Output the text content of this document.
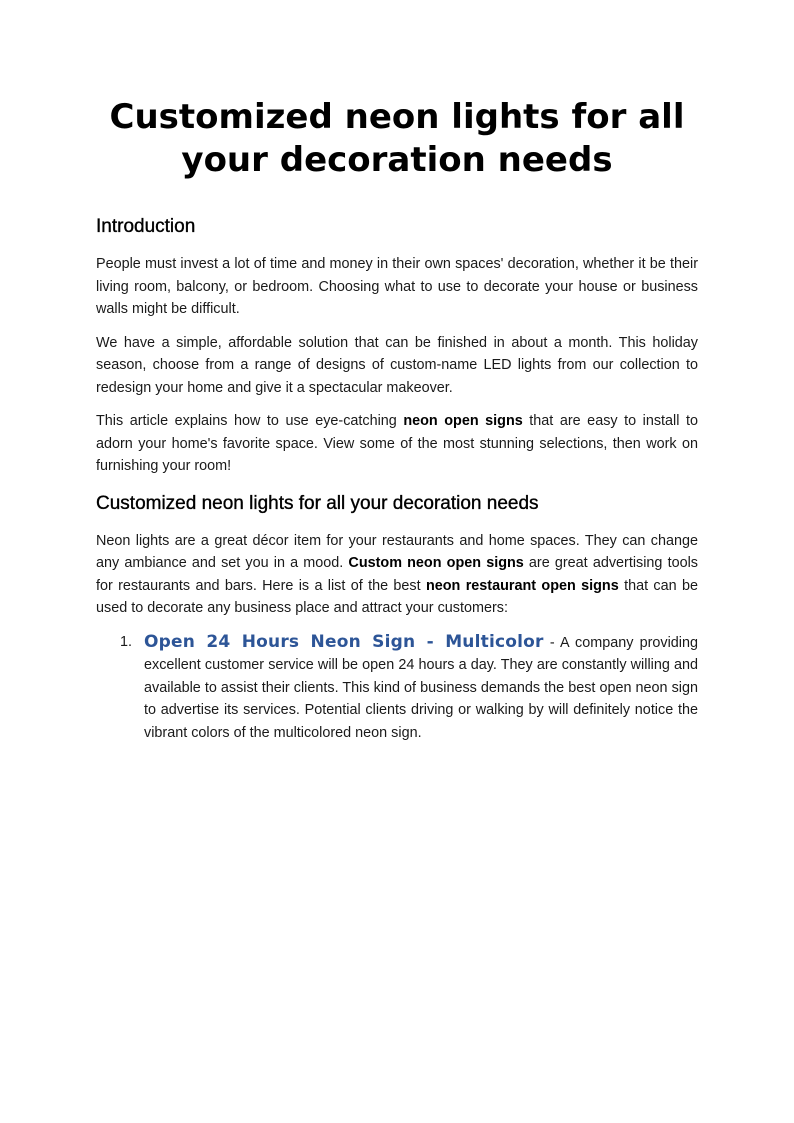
Customized neon lights for all your decoration needs
Introduction

People must invest a lot of time and money in their own spaces' decoration, whether it be their living room, balcony, or bedroom. Choosing what to use to decorate your house or business walls might be difficult.

We have a simple, affordable solution that can be finished in about a month. This holiday season, choose from a range of designs of custom-name LED lights from our collection to redesign your home and give it a spectacular makeover.

This article explains how to use eye-catching neon open signs that are easy to install to adorn your home's favorite space. View some of the most stunning selections, then work on furnishing your room!

Customized neon lights for all your decoration needs

Neon lights are a great décor item for your restaurants and home spaces. They can change any ambiance and set you in a mood. Custom neon open signs are great advertising tools for restaurants and bars. Here is a list of the best neon restaurant open signs that can be used to decorate any business place and attract your customers:

1. Open 24 Hours Neon Sign - Multicolor - A company providing excellent customer service will be open 24 hours a day. They are constantly willing and available to assist their clients. This kind of business demands the best open neon sign to advertise its services. Potential clients driving or walking by will definitely notice the vibrant colors of the multicolored neon sign.
